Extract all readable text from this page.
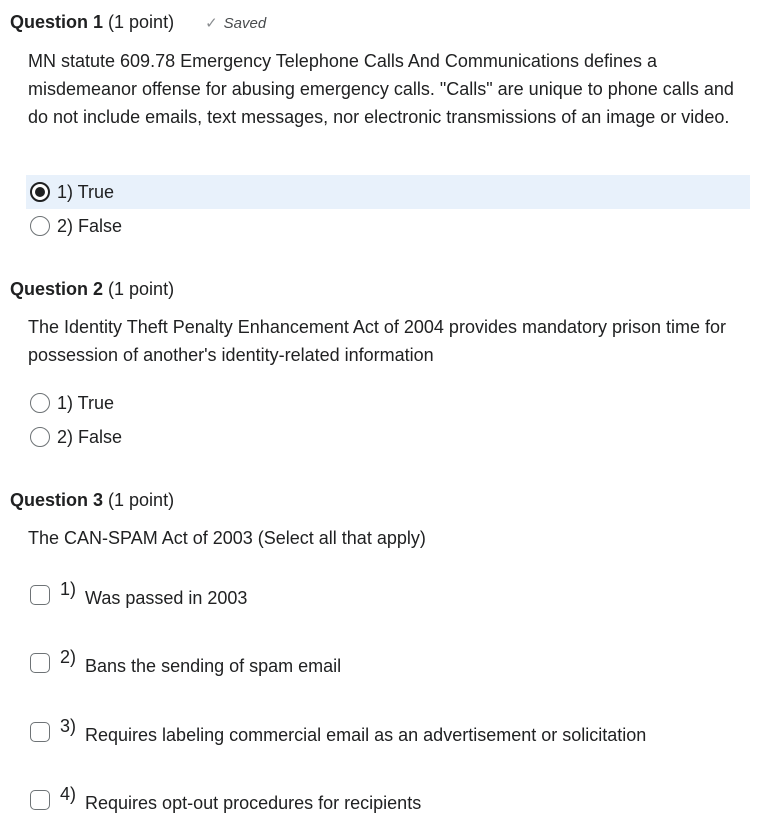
Question 1 (1 point) ✓ Saved
MN statute 609.78 Emergency Telephone Calls And Communications defines a misdemeanor offense for abusing emergency calls. "Calls" are unique to phone calls and do not include emails, text messages, nor electronic transmissions of an image or video.
1) True
2) False
Question 2 (1 point)
The Identity Theft Penalty Enhancement Act of 2004 provides mandatory prison time for possession of another's identity-related information
1) True
2) False
Question 3 (1 point)
The CAN-SPAM Act of 2003 (Select all that apply)
1) Was passed in 2003
2) Bans the sending of spam email
3) Requires labeling commercial email as an advertisement or solicitation
4) Requires opt-out procedures for recipients
